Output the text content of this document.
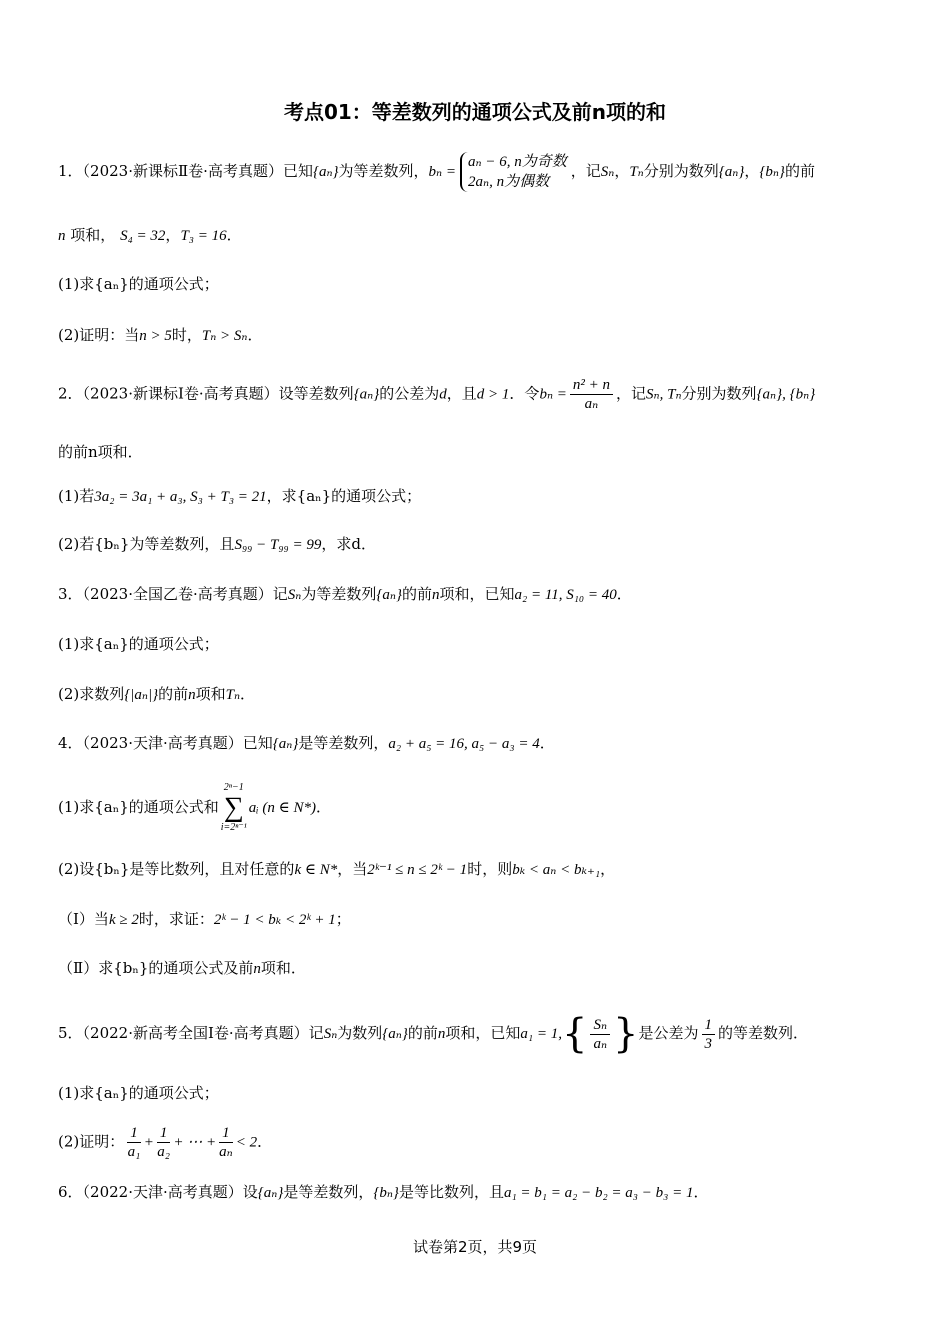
考点01：等差数列的通项公式及前n项的和
1．（2023·新课标Ⅱ卷·高考真题）已知{aₙ}为等差数列，bₙ =
aₙ − 6, n为奇数
2aₙ, n为偶数
，记Sₙ，Tₙ分别为数列{aₙ}，{bₙ}的前
n 项和， S₄ = 32，T₃ = 16．
(1)求{aₙ}的通项公式；
(2)证明：当n > 5时，Tₙ > Sₙ．
2．（2023·新课标Ⅰ卷·高考真题）设等差数列{aₙ}的公差为d，且d > 1．令$b_n = \frac{\text{n² + n}}{\text{aₙ}}$ ，记Sₙ, Tₙ分别为数列{aₙ}, {bₙ}
的前n项和．
(1)若3a₂ = 3a₁ + a₃, S₃ + T₃ = 21，求{aₙ}的通项公式；
(2)若{bₙ}为等差数列，且S₉₉ − T₉₉ = 99，求d．
3．（2023·全国乙卷·高考真题）记Sₙ为等差数列{aₙ}的前n项和，已知a₂ = 11, S₁₀ = 40．
(1)求{aₙ}的通项公式；
(2)求数列{|aₙ|}的前n项和Tₙ．
4．（2023·天津·高考真题）已知{aₙ}是等差数列，a₂ + a₅ = 16, a₅ − a₃ = 4．
(1)求{aₙ}的通项公式和
2ⁿ−1
∑
i=2ⁿ⁻¹
aᵢ (n ∈ N*)．
(2)设{bₙ}是等比数列，且对任意的k ∈ N*，当2ᵏ⁻¹ ≤ n ≤ 2ᵏ − 1时，则bₖ < aₙ < bₖ₊₁，
（Ⅰ）当k ≥ 2时，求证：2ᵏ − 1 < bₖ < 2ᵏ + 1；
（Ⅱ）求{bₙ}的通项公式及前n项和．
5．（2022·新高考全国Ⅰ卷·高考真题）记Sₙ为数列{aₙ}的前n项和，已知$a_1 = 1,\{ \frac{\text{Sₙ}}{\text{aₙ}}$ }是公差为 $\frac{1}{3}$ 的等差数列．
(1)求{aₙ}的通项公式；
(2)证明： $\frac{1}{\text{a₁}} + \frac{1}{\text{a₂}}$ + ⋯ + $\frac{1}{\text{aₙ}} < 2$．
6．（2022·天津·高考真题）设{aₙ}是等差数列，{bₙ}是等比数列，且a₁ = b₁ = a₂ − b₂ = a₃ − b₃ = 1．
试卷第2页，共9页
